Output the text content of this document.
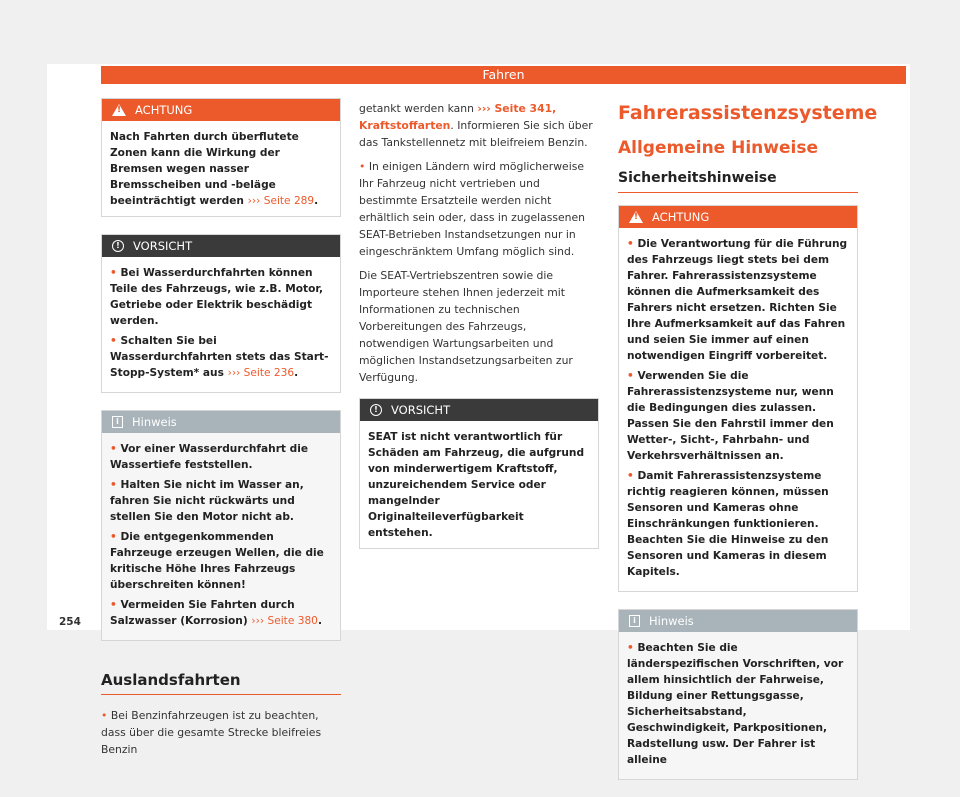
Fahren
!
ACHTUNG
Nach Fahrten durch überflutete Zonen kann die Wirkung der Bremsen wegen nasser Bremsscheiben und -beläge beeinträchtigt werden ››› Seite 289.
!	VORSICHT

• Bei Wasserdurchfahrten können Teile des Fahrzeugs, wie z.B. Motor, Getriebe oder Elektrik beschädigt werden.

• Schalten Sie bei Wasserdurchfahrten stets das Start-Stopp-System* aus ››› Seite 236.

i	Hinweis

• Vor einer Wasserdurchfahrt die Wassertiefe feststellen.

• Halten Sie nicht im Wasser an, fahren Sie nicht rückwärts und stellen Sie den Motor nicht ab.

• Die entgegenkommenden Fahrzeuge erzeugen Wellen, die die kritische Höhe Ihres Fahrzeugs überschreiten können!

• Vermeiden Sie Fahrten durch Salzwasser (Korrosion) ››› Seite 380.

Auslandsfahrten
• Bei Benzinfahrzeugen ist zu beachten, dass über die gesamte Strecke bleifreies Benzin

getankt werden kann ››› Seite 341, Kraftstoffarten. Informieren Sie sich über das Tankstellennetz mit bleifreiem Benzin.

• In einigen Ländern wird möglicherweise Ihr Fahrzeug nicht vertrieben und bestimmte Ersatzteile werden nicht erhältlich sein oder, dass in zugelassenen SEAT-Betrieben Instandsetzungen nur in eingeschränktem Umfang möglich sind.

Die SEAT-Vertriebszentren sowie die Importeure stehen Ihnen jederzeit mit Informationen zu technischen Vorbereitungen des Fahrzeugs, notwendigen Wartungsarbeiten und möglichen Instandsetzungsarbeiten zur Verfügung.

!	VORSICHT
SEAT ist nicht verantwortlich für Schäden am Fahrzeug, die aufgrund von minderwertigem Kraftstoff, unzureichendem Service oder mangelnder Originalteileverfügbarkeit entstehen.
Fahrerassistenzsysteme
Allgemeine Hinweise
Sicherheitshinweise
!
ACHTUNG

• Die Verantwortung für die Führung des Fahrzeugs liegt stets bei dem Fahrer. Fahrerassistenzsysteme können die Aufmerksamkeit des Fahrers nicht ersetzen. Richten Sie Ihre Aufmerksamkeit auf das Fahren und seien Sie immer auf einen notwendigen Eingriff vorbereitet.

• Verwenden Sie die Fahrerassistenzsysteme nur, wenn die Bedingungen dies zulassen. Passen Sie den Fahrstil immer den Wetter-, Sicht-, Fahrbahn- und Verkehrsverhältnissen an.

• Damit Fahrerassistenzsysteme richtig reagieren können, müssen Sensoren und Kameras ohne Einschränkungen funktionieren. Beachten Sie die Hinweise zu den Sensoren und Kameras in diesem Kapitels.

i	Hinweis

• Beachten Sie die länderspezifischen Vorschriften, vor allem hinsichtlich der Fahrweise, Bildung einer Rettungsgasse, Sicherheitsabstand, Geschwindigkeit, Parkpositionen, Radstellung usw. Der Fahrer ist alleine

254
